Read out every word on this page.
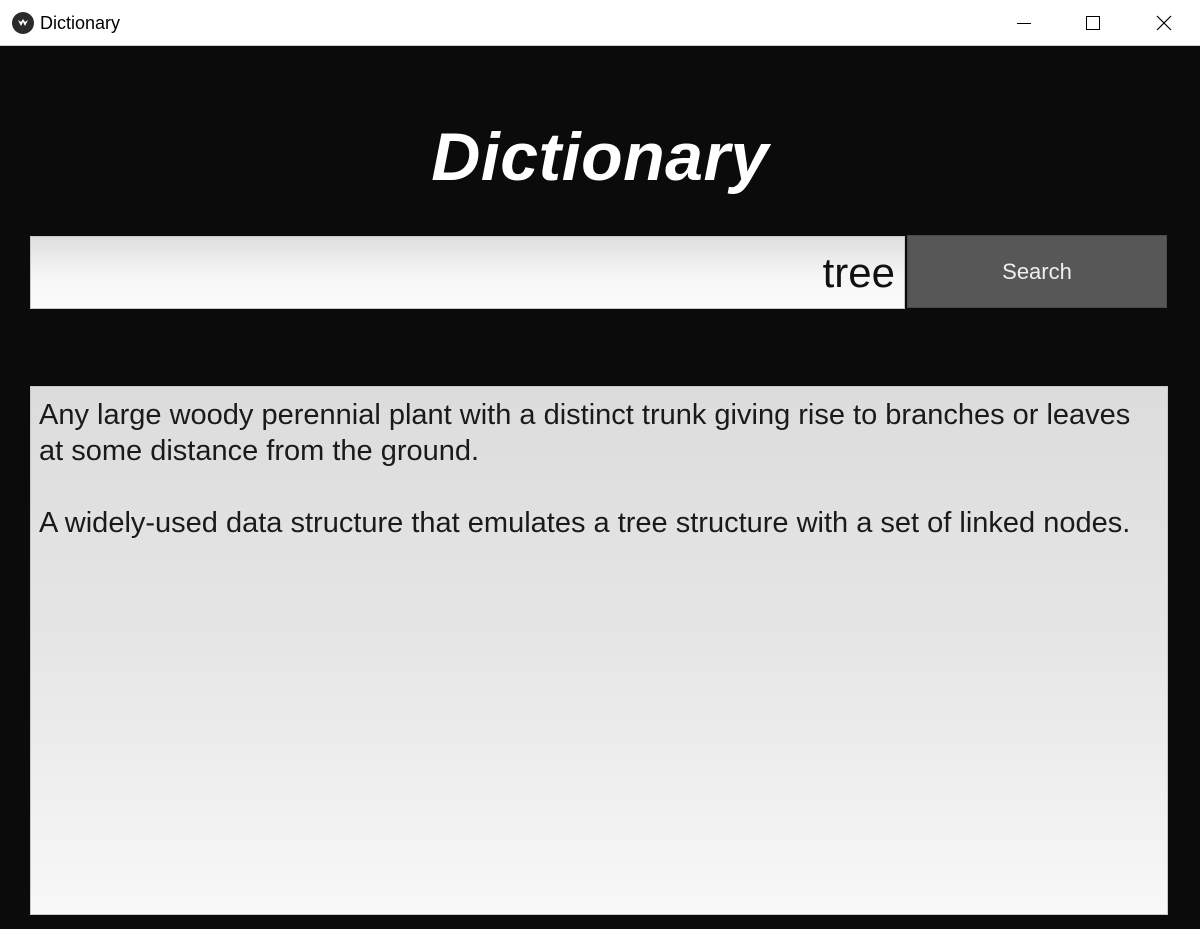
Dictionary
Dictionary
tree
Search

Any large woody perennial plant with a distinct trunk giving rise to branches or leaves at some distance from the ground.

A widely-used data structure that emulates a tree structure with a set of linked nodes.
